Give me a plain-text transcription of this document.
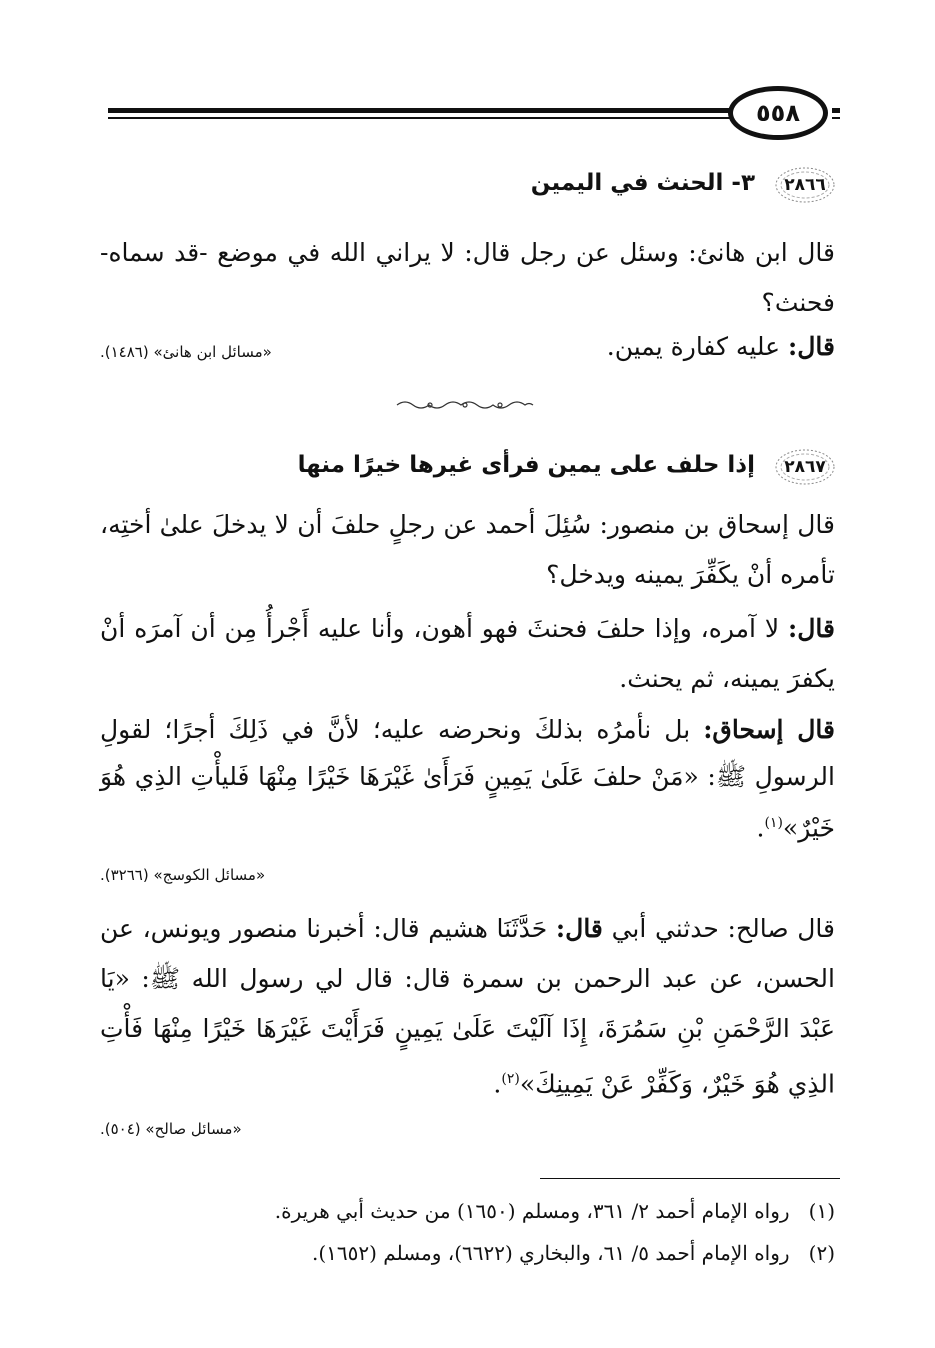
٥٥٨
٢٨٦٦
٣- الحنث في اليمين
قال ابن هانئ: وسئل عن رجل قال: لا يراني الله في موضع -قد سماه- فحنث؟
قال: عليه كفارة يمين.
«مسائل ابن هانئ» (١٤٨٦).
٢٨٦٧
إذا حلف على يمين فرأى غيرها خيرًا منها
قال إسحاق بن منصور: سُئِلَ أحمد عن رجلٍ حلفَ أن لا يدخلَ علىٰ أختِه، تأمره أنْ يكَفِّرَ يمينه ويدخل؟
قال: لا آمره، وإذا حلفَ فحنثَ فهو أهون، وأنا عليه أَجْرأُ مِن أن آمرَه أنْ يكفرَ يمينه، ثم يحنث.
قال إسحاق: بل نأمرُه بذلكَ ونحرضه عليه؛ لأنَّ في ذَلِكَ أجرًا؛ لقولِ الرسولِ ﷺ: «مَنْ حلفَ عَلَىٰ يَمِينٍ فَرَأَىٰ غَيْرَهَا خَيْرًا مِنْهَا فَليأْتِ الذِي هُوَ خَيْرٌ»$^{(١)}$.
«مسائل الكوسج» (٣٢٦٦).
قال صالح: حدثني أبي قال: حَدَّثَنَا هشيم قال: أخبرنا منصور ويونس، عن الحسن، عن عبد الرحمن بن سمرة قال: قال لي رسول الله ﷺ: «يَا عَبْدَ الرَّحْمَنِ بْنِ سَمُرَةَ، إِذَا آلَيْتَ عَلَىٰ يَمِينٍ فَرَأَيْتَ غَيْرَهَا خَيْرًا مِنْهَا فَأْتِ الذِي هُوَ خَيْرٌ، وَكَفِّرْ عَنْ يَمِينِكَ»$^{(٢)}$.
«مسائل صالح» (٥٠٤).
(١)   رواه الإمام أحمد ٢/ ٣٦١، ومسلم (١٦٥٠) من حديث أبي هريرة.
(٢)   رواه الإمام أحمد ٥/ ٦١، والبخاري (٦٦٢٢)، ومسلم (١٦٥٢).
